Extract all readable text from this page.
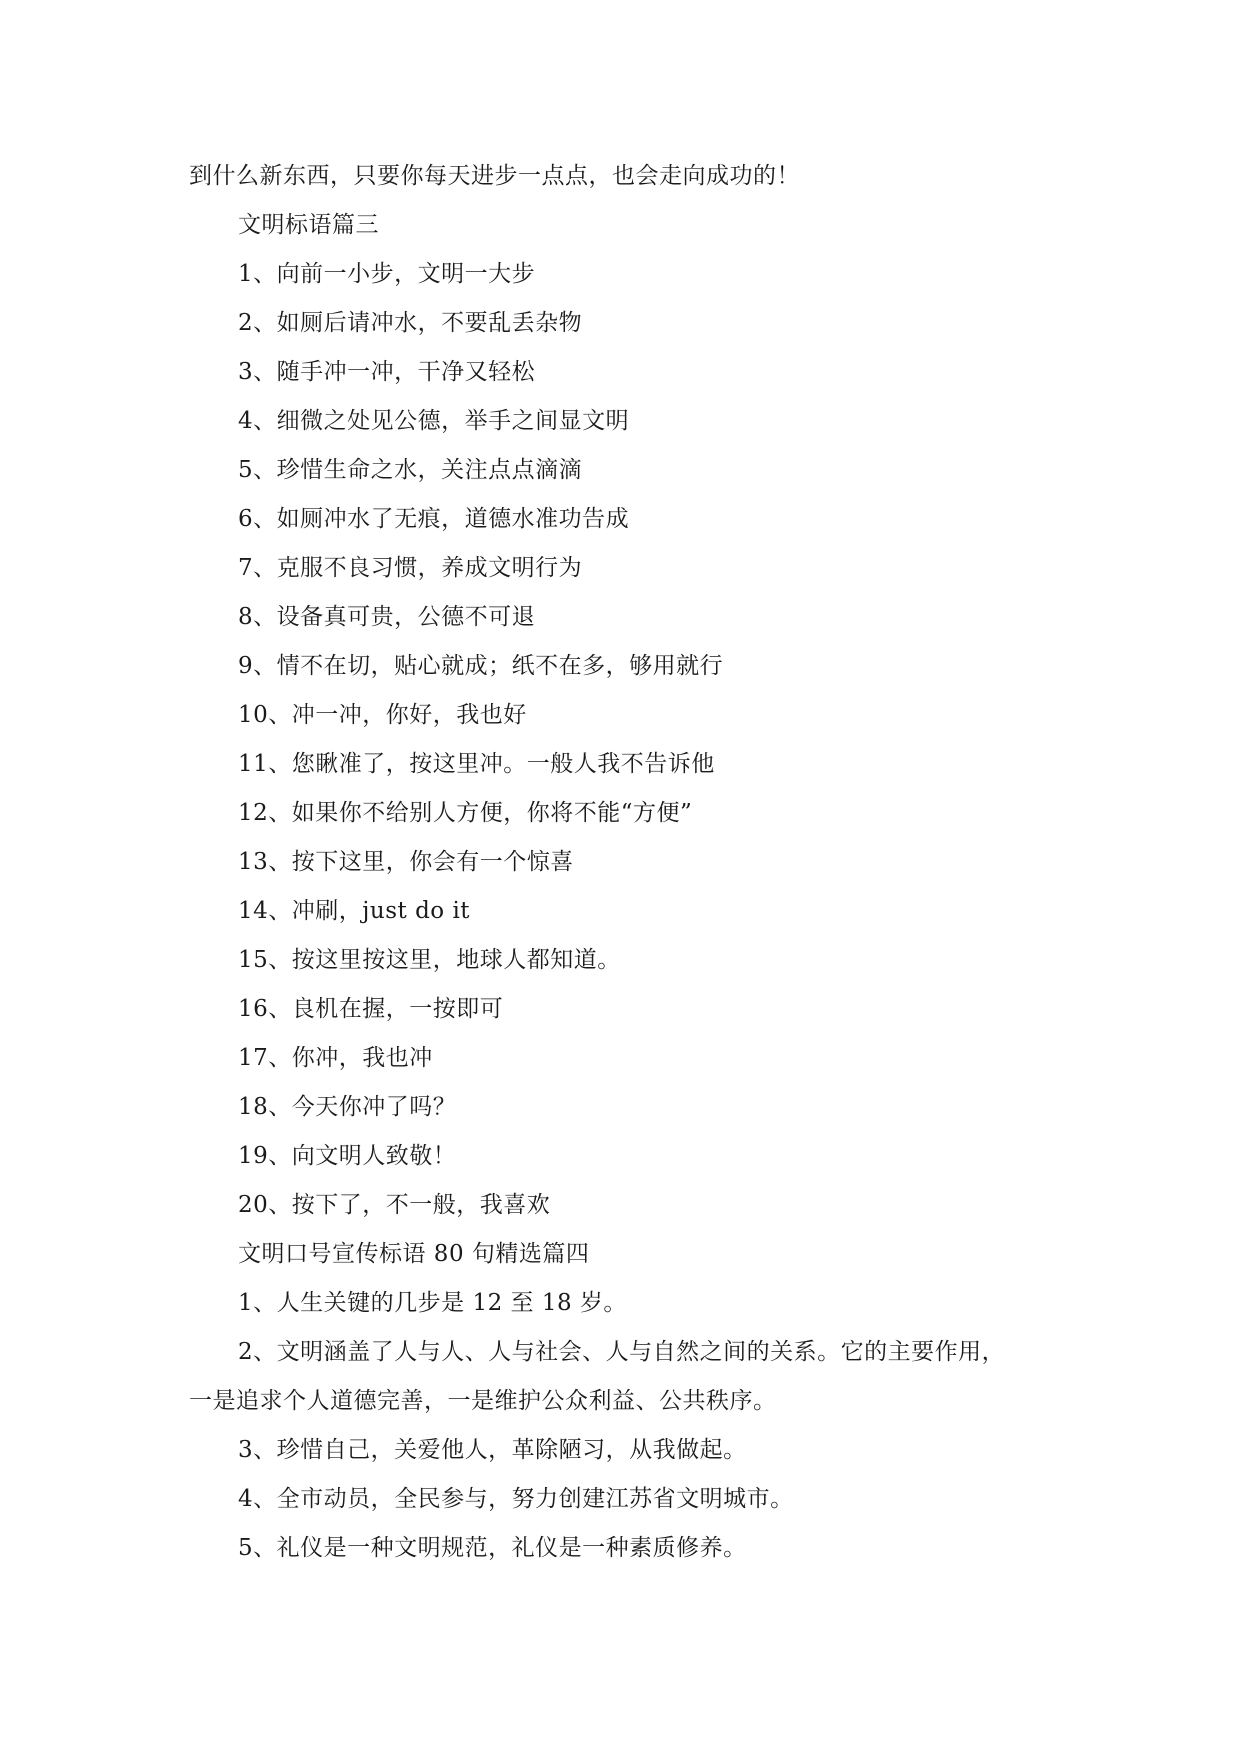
到什么新东西，只要你每天进步一点点，也会走向成功的！
文明标语篇三
1、向前一小步，文明一大步
2、如厕后请冲水，不要乱丢杂物
3、随手冲一冲，干净又轻松
4、细微之处见公德，举手之间显文明
5、珍惜生命之水，关注点点滴滴
6、如厕冲水了无痕，道德水准功告成
7、克服不良习惯，养成文明行为
8、设备真可贵，公德不可退
9、情不在切，贴心就成；纸不在多，够用就行
10、冲一冲，你好，我也好
11、您瞅准了，按这里冲。一般人我不告诉他
12、如果你不给别人方便，你将不能“方便”
13、按下这里，你会有一个惊喜
14、冲刷，just do it
15、按这里按这里，地球人都知道。
16、良机在握，一按即可
17、你冲，我也冲
18、今天你冲了吗？
19、向文明人致敬！
20、按下了，不一般，我喜欢
文明口号宣传标语 80 句精选篇四
1、人生关键的几步是 12 至 18 岁。
2、文明涵盖了人与人、人与社会、人与自然之间的关系。它的主要作用，
一是追求个人道德完善，一是维护公众利益、公共秩序。
3、珍惜自己，关爱他人，革除陋习，从我做起。
4、全市动员，全民参与，努力创建江苏省文明城市。
5、礼仪是一种文明规范，礼仪是一种素质修养。
